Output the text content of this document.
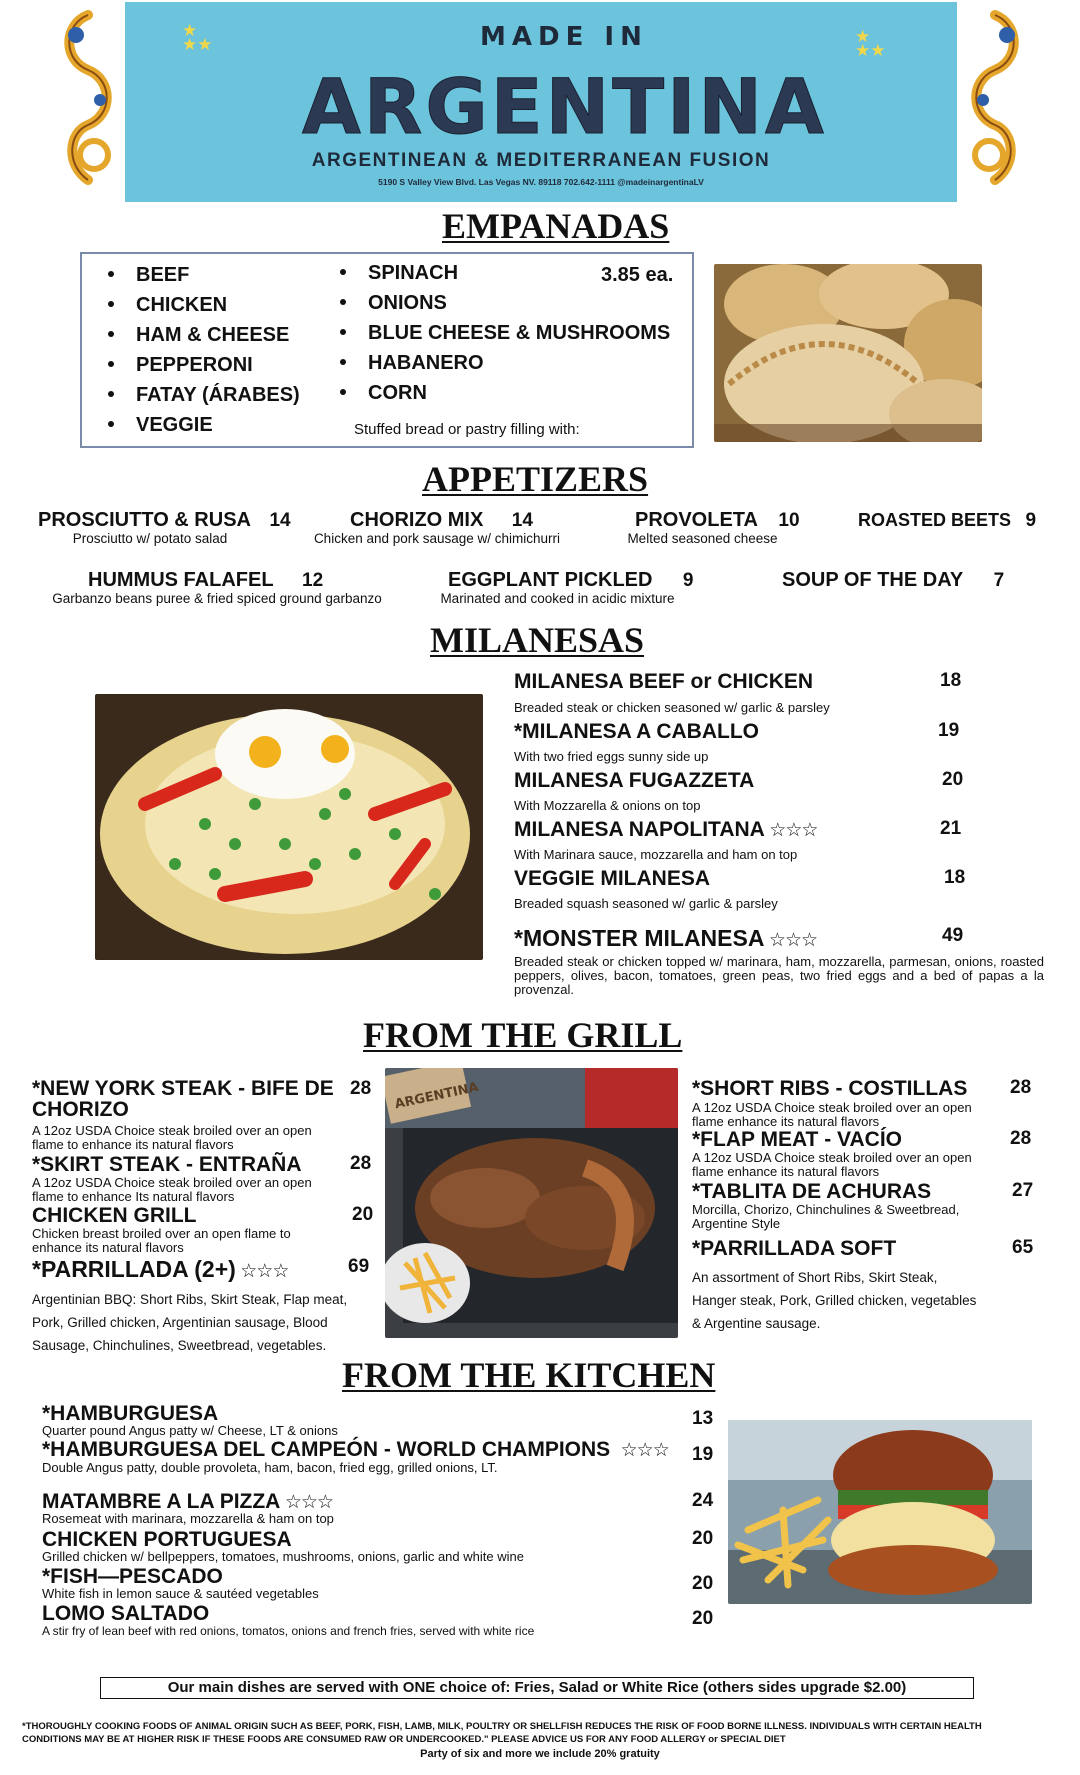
★
★★	★
★★
MADE IN
ARGENTINA
ARGENTINEAN & MEDITERRANEAN FUSION
5190 S Valley View Blvd. Las Vegas NV. 89118 702.642-1111 @madeinargentinaLV
EMPANADAS
BEEF
CHICKEN
HAM & CHEESE
PEPPERONI
FATAY (ÁRABES)
VEGGIE
SPINACH
ONIONS
BLUE CHEESE & MUSHROOMS
HABANERO
CORN
3.85 ea.
Stuffed bread or pastry filling with:
APPETIZERS
PROSCIUTTO & RUSA 14
Prosciutto w/ potato salad
CHORIZO MIX 14
Chicken and pork sausage w/ chimichurri
PROVOLETA 10
Melted seasoned cheese
ROASTED BEETS 9
HUMMUS FALAFEL 12
Garbanzo beans puree & fried spiced ground garbanzo
EGGPLANT PICKLED 9
Marinated and cooked in acidic mixture
SOUP OF THE DAY 7
MILANESAS
MILANESA BEEF or CHICKEN	18
Breaded steak or chicken seasoned w/ garlic & parsley
*MILANESA A CABALLO	19
With two fried eggs sunny side up
MILANESA FUGAZZETA	20
With Mozzarella & onions on top
MILANESA NAPOLITANA ☆☆☆	21
With Marinara sauce, mozzarella and ham on top
VEGGIE MILANESA	18
Breaded squash seasoned w/ garlic & parsley
*MONSTER MILANESA ☆☆☆	49
Breaded steak or chicken topped w/ marinara, ham, mozzarella, parmesan, onions, roasted peppers, olives, bacon, tomatoes, green peas, two fried eggs and a bed of papas a la provenzal.
FROM THE GRILL
*NEW YORK STEAK - BIFE DE
CHORIZO
28
A 12oz USDA Choice steak broiled over an open
flame to enhance its natural flavors
*SKIRT STEAK - ENTRAÑA	28
A 12oz USDA Choice steak broiled over an open
flame to enhance Its natural flavors
CHICKEN GRILL	20
Chicken breast broiled over an open flame to
enhance its natural flavors
*PARRILLADA (2+) ☆☆☆	69
Argentinian BBQ: Short Ribs, Skirt Steak, Flap meat,
Pork, Grilled chicken, Argentinian sausage, Blood
Sausage, Chinchulines, Sweetbread, vegetables.
ARGENTINA	*SHORT RIBS - COSTILLAS	28
A 12oz USDA Choice steak broiled over an open
flame enhance its natural flavors
*FLAP MEAT - VACÍO	28
A 12oz USDA Choice steak broiled over an open
flame enhance its natural flavors
*TABLITA DE ACHURAS	27
Morcilla, Chorizo, Chinchulines & Sweetbread,
Argentine Style
*PARRILLADA SOFT	65
An assortment of Short Ribs, Skirt Steak,
Hanger steak, Pork, Grilled chicken, vegetables
& Argentine sausage.
FROM THE KITCHEN
*HAMBURGUESA	13
Quarter pound Angus patty w/ Cheese, LT & onions
*HAMBURGUESA DEL CAMPEÓN - WORLD CHAMPIONS ☆☆☆ 19
Double Angus patty, double provoleta, ham, bacon, fried egg, grilled onions, LT.
MATAMBRE A LA PIZZA ☆☆☆	24
Rosemeat with marinara, mozzarella & ham on top
CHICKEN PORTUGUESA	20
Grilled chicken w/ bellpeppers, tomatoes, mushrooms, onions, garlic and white wine
*FISH—PESCADO	20
White fish in lemon sauce & sautéed vegetables
LOMO SALTADO	20
A stir fry of lean beef with red onions, tomatos, onions and french fries, served with white rice
Our main dishes are served with ONE choice of: Fries, Salad or White Rice (others sides upgrade $2.00)
*THOROUGHLY COOKING FOODS OF ANIMAL ORIGIN SUCH AS BEEF, PORK, FISH, LAMB, MILK, POULTRY OR SHELLFISH REDUCES THE RISK OF FOOD BORNE ILLNESS. INDIVIDUALS WITH CERTAIN HEALTH
CONDITIONS MAY BE AT HIGHER RISK IF THESE FOODS ARE CONSUMED RAW OR UNDERCOOKED." PLEASE ADVICE US FOR ANY FOOD ALLERGY or SPECIAL DIET
Party of six and more we include 20% gratuity
